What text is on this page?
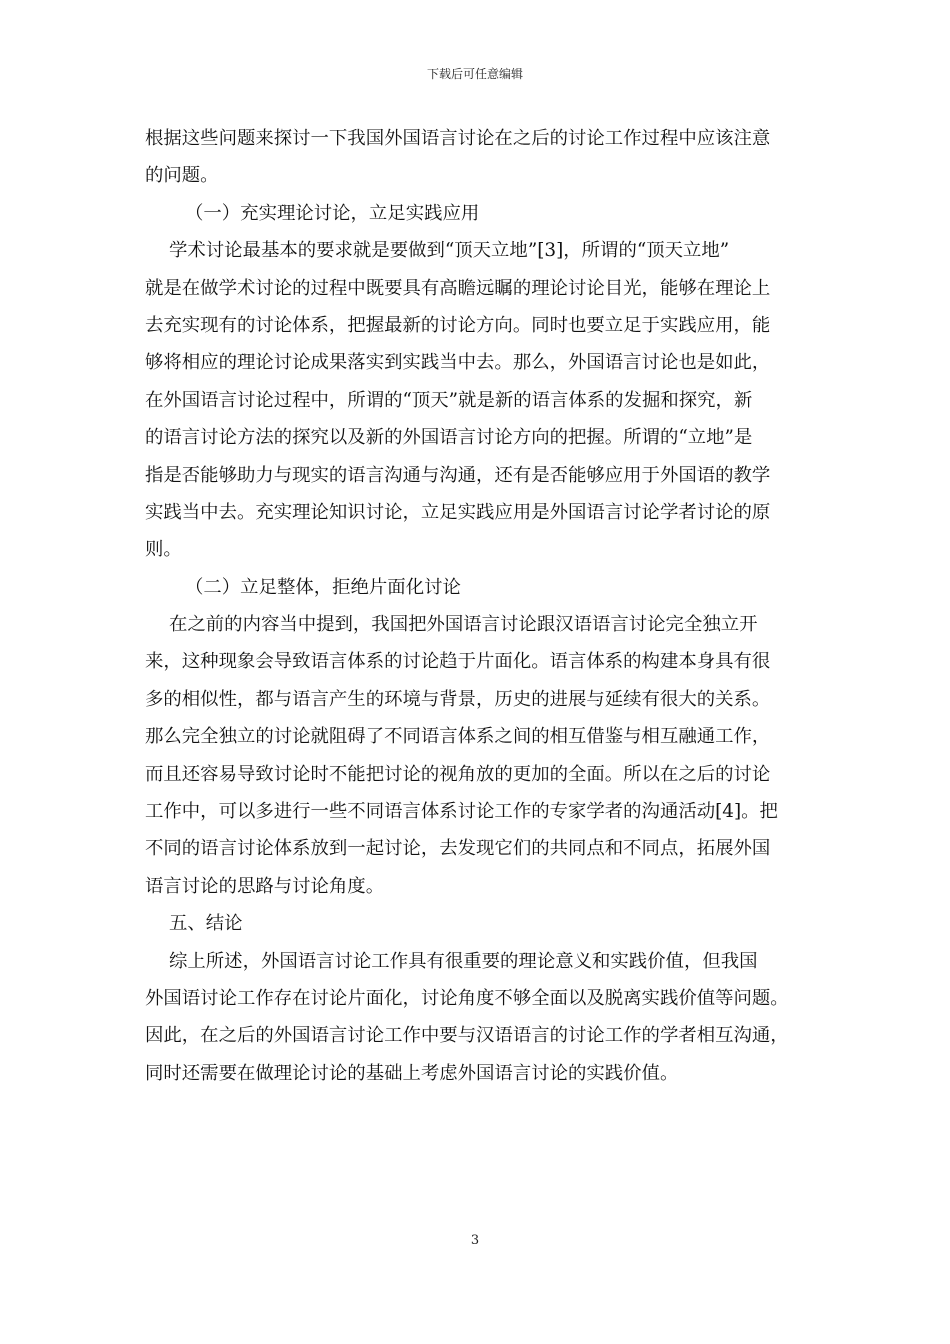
下载后可任意编辑
根据这些问题来探讨一下我国外国语言讨论在之后的讨论工作过程中应该注意
的问题。
（一）充实理论讨论，立足实践应用
学术讨论最基本的要求就是要做到“顶天立地”[3]，所谓的“顶天立地”
就是在做学术讨论的过程中既要具有高瞻远瞩的理论讨论目光，能够在理论上
去充实现有的讨论体系，把握最新的讨论方向。同时也要立足于实践应用，能
够将相应的理论讨论成果落实到实践当中去。那么，外国语言讨论也是如此，
在外国语言讨论过程中，所谓的“顶天”就是新的语言体系的发掘和探究，新
的语言讨论方法的探究以及新的外国语言讨论方向的把握。所谓的“立地”是
指是否能够助力与现实的语言沟通与沟通，还有是否能够应用于外国语的教学
实践当中去。充实理论知识讨论，立足实践应用是外国语言讨论学者讨论的原
则。
（二）立足整体，拒绝片面化讨论
在之前的内容当中提到，我国把外国语言讨论跟汉语语言讨论完全独立开
来，这种现象会导致语言体系的讨论趋于片面化。语言体系的构建本身具有很
多的相似性，都与语言产生的环境与背景，历史的进展与延续有很大的关系。
那么完全独立的讨论就阻碍了不同语言体系之间的相互借鉴与相互融通工作，
而且还容易导致讨论时不能把讨论的视角放的更加的全面。所以在之后的讨论
工作中，可以多进行一些不同语言体系讨论工作的专家学者的沟通活动[4]。把
不同的语言讨论体系放到一起讨论，去发现它们的共同点和不同点，拓展外国
语言讨论的思路与讨论角度。
五、结论
综上所述，外国语言讨论工作具有很重要的理论意义和实践价值，但我国
外国语讨论工作存在讨论片面化，讨论角度不够全面以及脱离实践价值等问题。
因此，在之后的外国语言讨论工作中要与汉语语言的讨论工作的学者相互沟通，
同时还需要在做理论讨论的基础上考虑外国语言讨论的实践价值。
3
